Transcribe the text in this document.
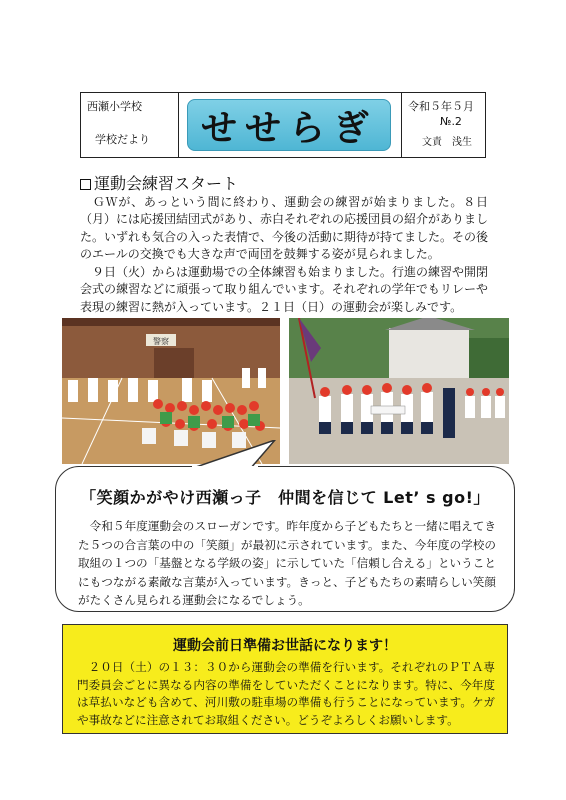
西瀬小学校
学校だより せせらぎ
令和５年５月
№.2
文責　浅生
運動会練習スタート
　ＧＷが、あっという間に終わり、運動会の練習が始まりました。８日（月）には応援団結団式があり、赤白それぞれの応援団員の紹介がありました。いずれも気合の入った表情で、今後の活動に期待が持てました。その後のエールの交換でも大きな声で両団を鼓舞する姿が見られました。
　９日（火）からは運動場での全体練習も始まりました。行進の練習や開閉会式の練習などに頑張って取り組んでいます。それぞれの学年でもリレーや表現の練習に熱が入っています。２１日（日）の運動会が楽しみです。
警察
「笑顔かがやけ西瀬っ子　仲間を信じて Let’ s go!」
　令和５年度運動会のスローガンです。昨年度から子どもたちと一緒に唱えてきた５つの合言葉の中の「笑顔」が最初に示されています。また、今年度の学校の取組の１つの「基盤となる学級の姿」に示していた「信頼し合える」ということにもつながる素敵な言葉が入っています。きっと、子どもたちの素晴らしい笑顔がたくさん見られる運動会になるでしょう。
運動会前日準備お世話になります！
　２０日（土）の１３：３０から運動会の準備を行います。それぞれのＰＴＡ専門委員会ごとに異なる内容の準備をしていただくことになります。特に、今年度は草払いなども含めて、河川敷の駐車場の準備も行うことになっています。ケガや事故などに注意されてお取組ください。どうぞよろしくお願いします。
